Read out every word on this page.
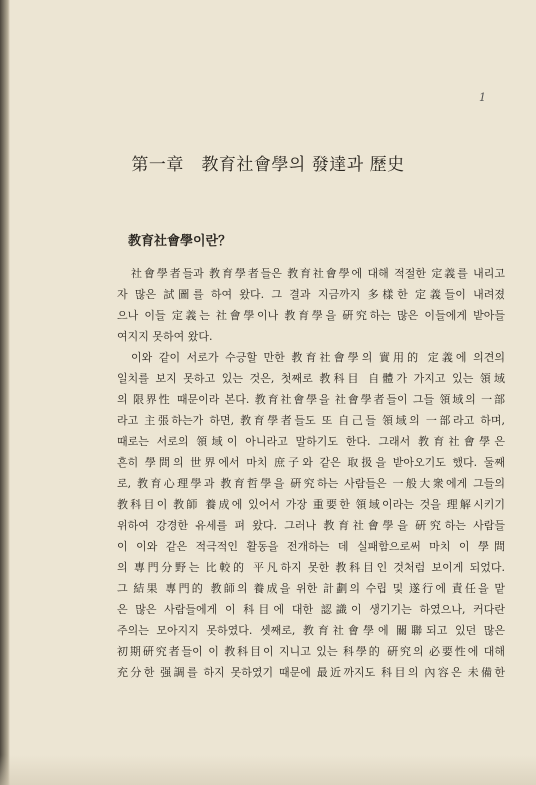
1
第一章　教育社會學의 發達과 歷史
教育社會學이란？
社會學者들과 教育學者들은 教育社會學에 대해 적절한 定義를 내리고
자 많은 試圖를 하여 왔다. 그 결과 지금까지 多樣한 定義들이 내려졌
으나 이들 定義는 社會學이나 教育學을 硏究하는 많은 이들에게 받아들
여지지 못하여 왔다.
이와 같이 서로가 수긍할 만한 教育社會學의 實用的 定義에 의견의
일치를 보지 못하고 있는 것은, 첫째로 教科目 自體가 가지고 있는 領域
의 限界性 때문이라 본다. 教育社會學을 社會學者들이 그들 領域의 一部
라고 主張하는가 하면, 教育學者들도 또 自己들 領域의 一部라고 하며,
때로는 서로의 領域이 아니라고 말하기도 한다. 그래서 教育社會學은
흔히 學問의 世界에서 마치 庶子와 같은 取扱을 받아오기도 했다. 둘째
로, 教育心理學과 教育哲學을 硏究하는 사람들은 一般大衆에게 그들의
教科目이 教師 養成에 있어서 가장 重要한 領域이라는 것을 理解시키기
위하여 강경한 유세를 펴 왔다. 그러나 教育社會學을 硏究하는 사람들
이 이와 같은 적극적인 활동을 전개하는 데 실패함으로써 마치 이 學問
의 專門分野는 比較的 平凡하지 못한 教科目인 것처럼 보이게 되었다.
그 結果 專門的 教師의 養成을 위한 計劃의 수립 및 遂行에 責任을 맡
은 많은 사람들에게 이 科目에 대한 認識이 생기기는 하였으나, 커다란
주의는 모아지지 못하였다. 셋째로, 教育社會學에 關聯되고 있던 많은
初期硏究者들이 이 教科目이 지니고 있는 科學的 硏究의 必要性에 대해
充分한 强調를 하지 못하였기 때문에 最近까지도 科目의 內容은 未備한
